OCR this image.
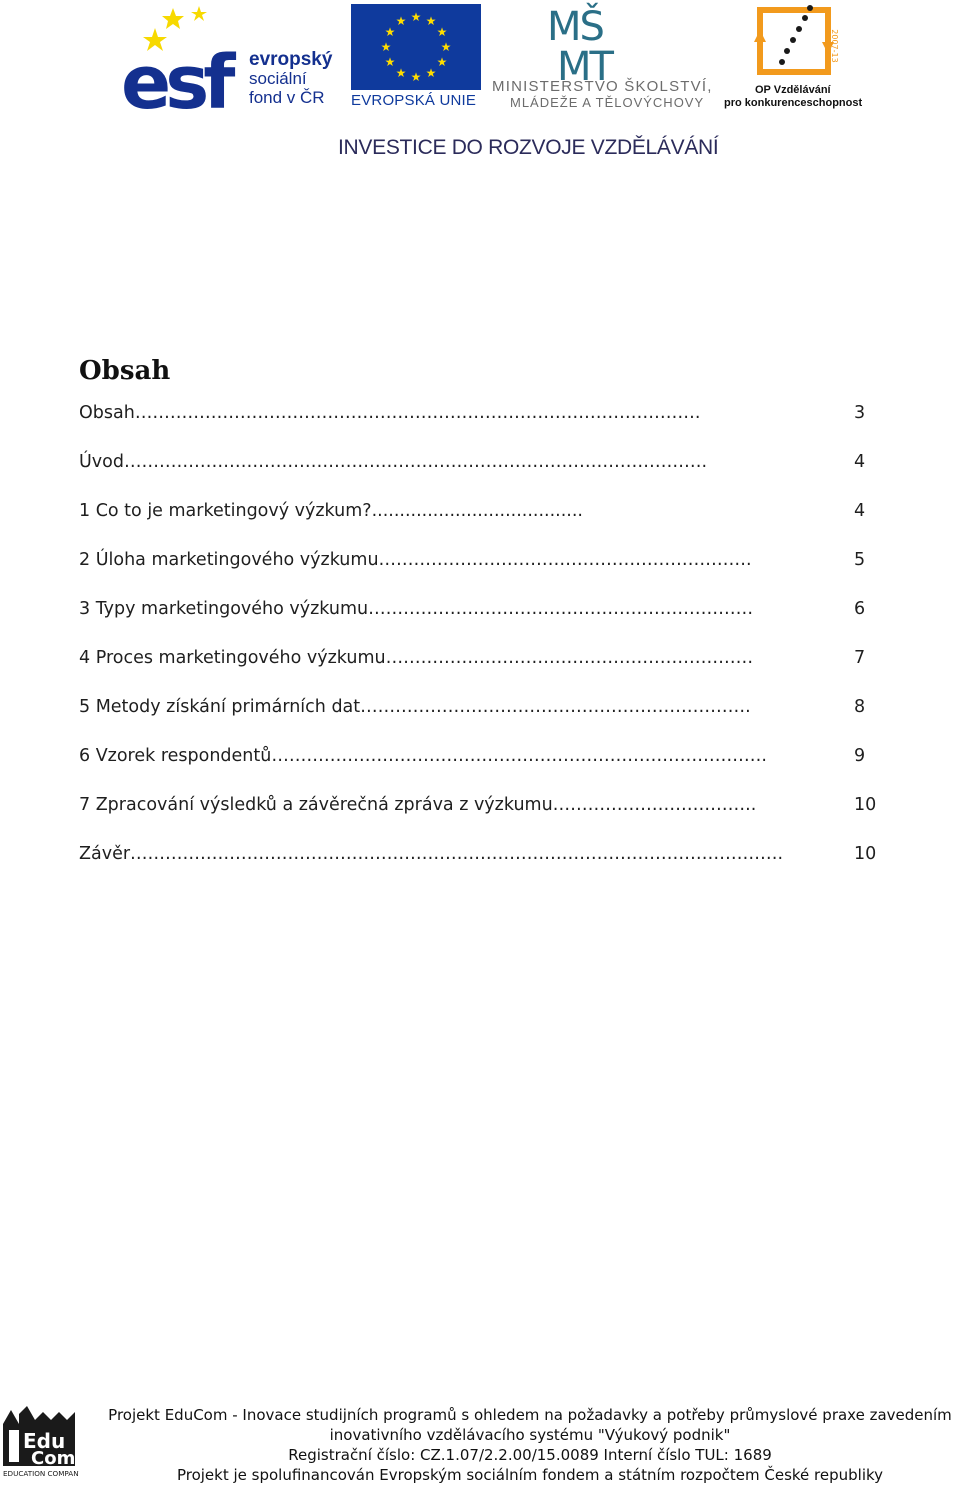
esf	evropský
sociální
fond v ČR
★ ★
★
★
★
★
★
★
★
★
★
★
EVROPSKÁ UNIE
MŠ
MT
MINISTERSTVO ŠKOLSTVÍ,
MLÁDEŽE A TĚLOVÝCHOVY
2007-13
OP Vzdělávání
pro konkurenceschopnost
INVESTICE DO ROZVOJE VZDĚLÁVÁNÍ
Obsah
Obsah…………………………………………………………………………………….	3
Úvod……………………………………………………………………………………….	4
1 Co to je marketingový výzkum?......................................	4
2 Úloha marketingového výzkumu……………………………………………………….	5
3 Typy marketingového výzkumu…………………………………………………………	6
4 Proces marketingového výzkumu………………………………………………………	7
5 Metody získání primárních dat………………………………………………………….	8
6 Vzorek respondentů………………………………………………………………………….	9
7 Zpracování výsledků a závěrečná zpráva z výzkumu……………………………..	10
Závěr………………………………………………………………………………………………….	10
Edu
Com
EDUCATION COMPANY
Projekt EduCom - Inovace studijních programů s ohledem na požadavky a potřeby průmyslové praxe zavedením
inovativního vzdělávacího systému "Výukový podnik"
Registrační číslo: CZ.1.07/2.2.00/15.0089 Interní číslo TUL: 1689
Projekt je spolufinancován Evropským sociálním fondem a státním rozpočtem České republiky
